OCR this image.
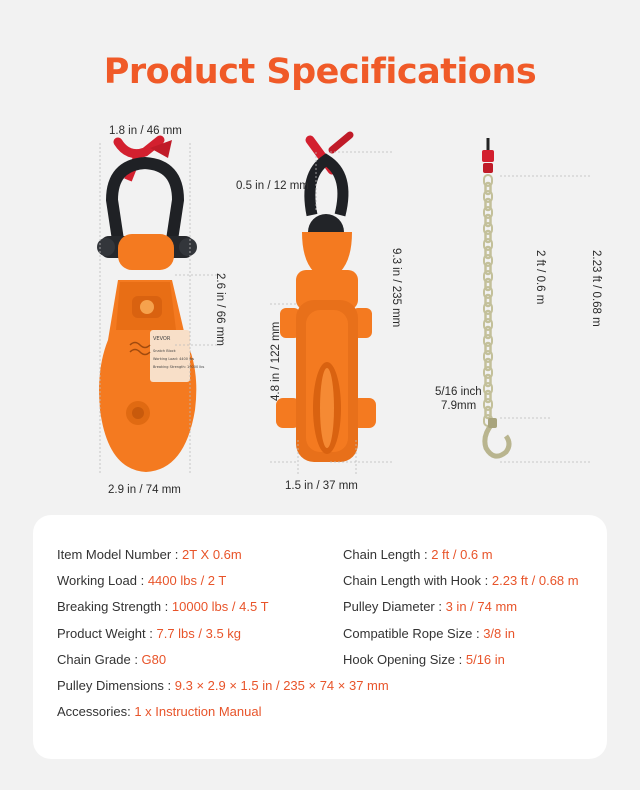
Product Specifications
VEVOR
Snatch Block
Working Load: 4400 lbs
Breaking Strength: 10000 lbs
1.8 in / 46 mm
2.6 in / 66 mm
2.9 in / 74 mm
0.5 in / 12 mm
9.3 in / 235 mm
4.8 in / 122 mm
1.5 in / 37 mm
2 ft / 0.6 m	2.23 ft / 0.68 m
5/16 inch
7.9mm
Item Model Number : 2T X 0.6m
Working Load : 4400 lbs / 2 T
Breaking Strength : 10000 lbs / 4.5 T
Product Weight : 7.7 lbs / 3.5 kg
Chain Grade : G80
Pulley Dimensions : 9.3 × 2.9 × 1.5 in / 235 × 74 × 37 mm
Accessories: 1 x Instruction Manual
Chain Length : 2 ft / 0.6 m
Chain Length with Hook : 2.23 ft / 0.68 m
Pulley Diameter : 3 in / 74 mm
Compatible Rope Size : 3/8 in
Hook Opening Size : 5/16 in
